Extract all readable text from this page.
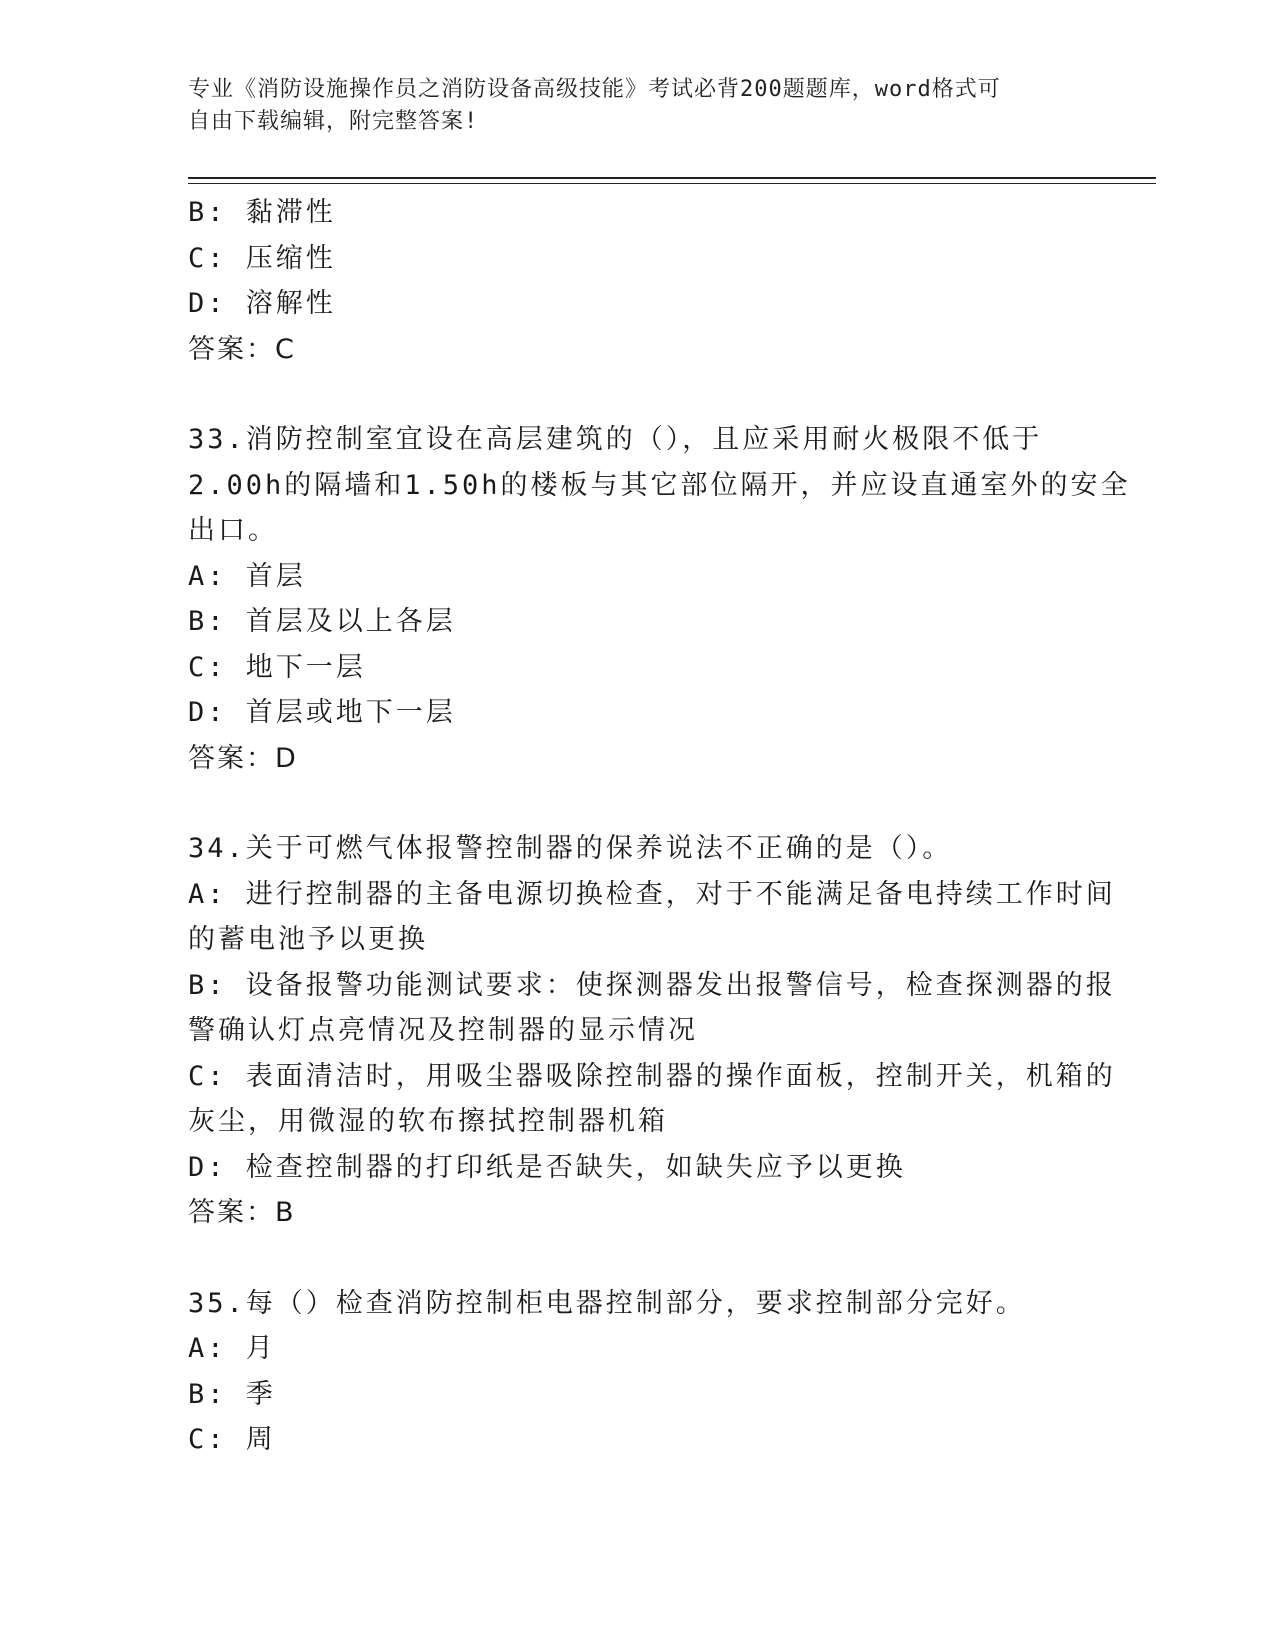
专业《消防设施操作员之消防设备高级技能》考试必背200题题库，word格式可
自由下载编辑，附完整答案!
B: 黏滞性
C: 压缩性
D: 溶解性
答案：C
33.消防控制室宜设在高层建筑的（），且应采用耐火极限不低于
2.00h的隔墙和1.50h的楼板与其它部位隔开，并应设直通室外的安全
出口。
A: 首层
B: 首层及以上各层
C: 地下一层
D: 首层或地下一层
答案：D
34.关于可燃气体报警控制器的保养说法不正确的是（）。
A: 进行控制器的主备电源切换检查，对于不能满足备电持续工作时间
的蓄电池予以更换
B: 设备报警功能测试要求：使探测器发出报警信号，检查探测器的报
警确认灯点亮情况及控制器的显示情况
C: 表面清洁时，用吸尘器吸除控制器的操作面板，控制开关，机箱的
灰尘，用微湿的软布擦拭控制器机箱
D: 检查控制器的打印纸是否缺失，如缺失应予以更换
答案：B
35.每（）检查消防控制柜电器控制部分，要求控制部分完好。
A: 月
B: 季
C: 周
